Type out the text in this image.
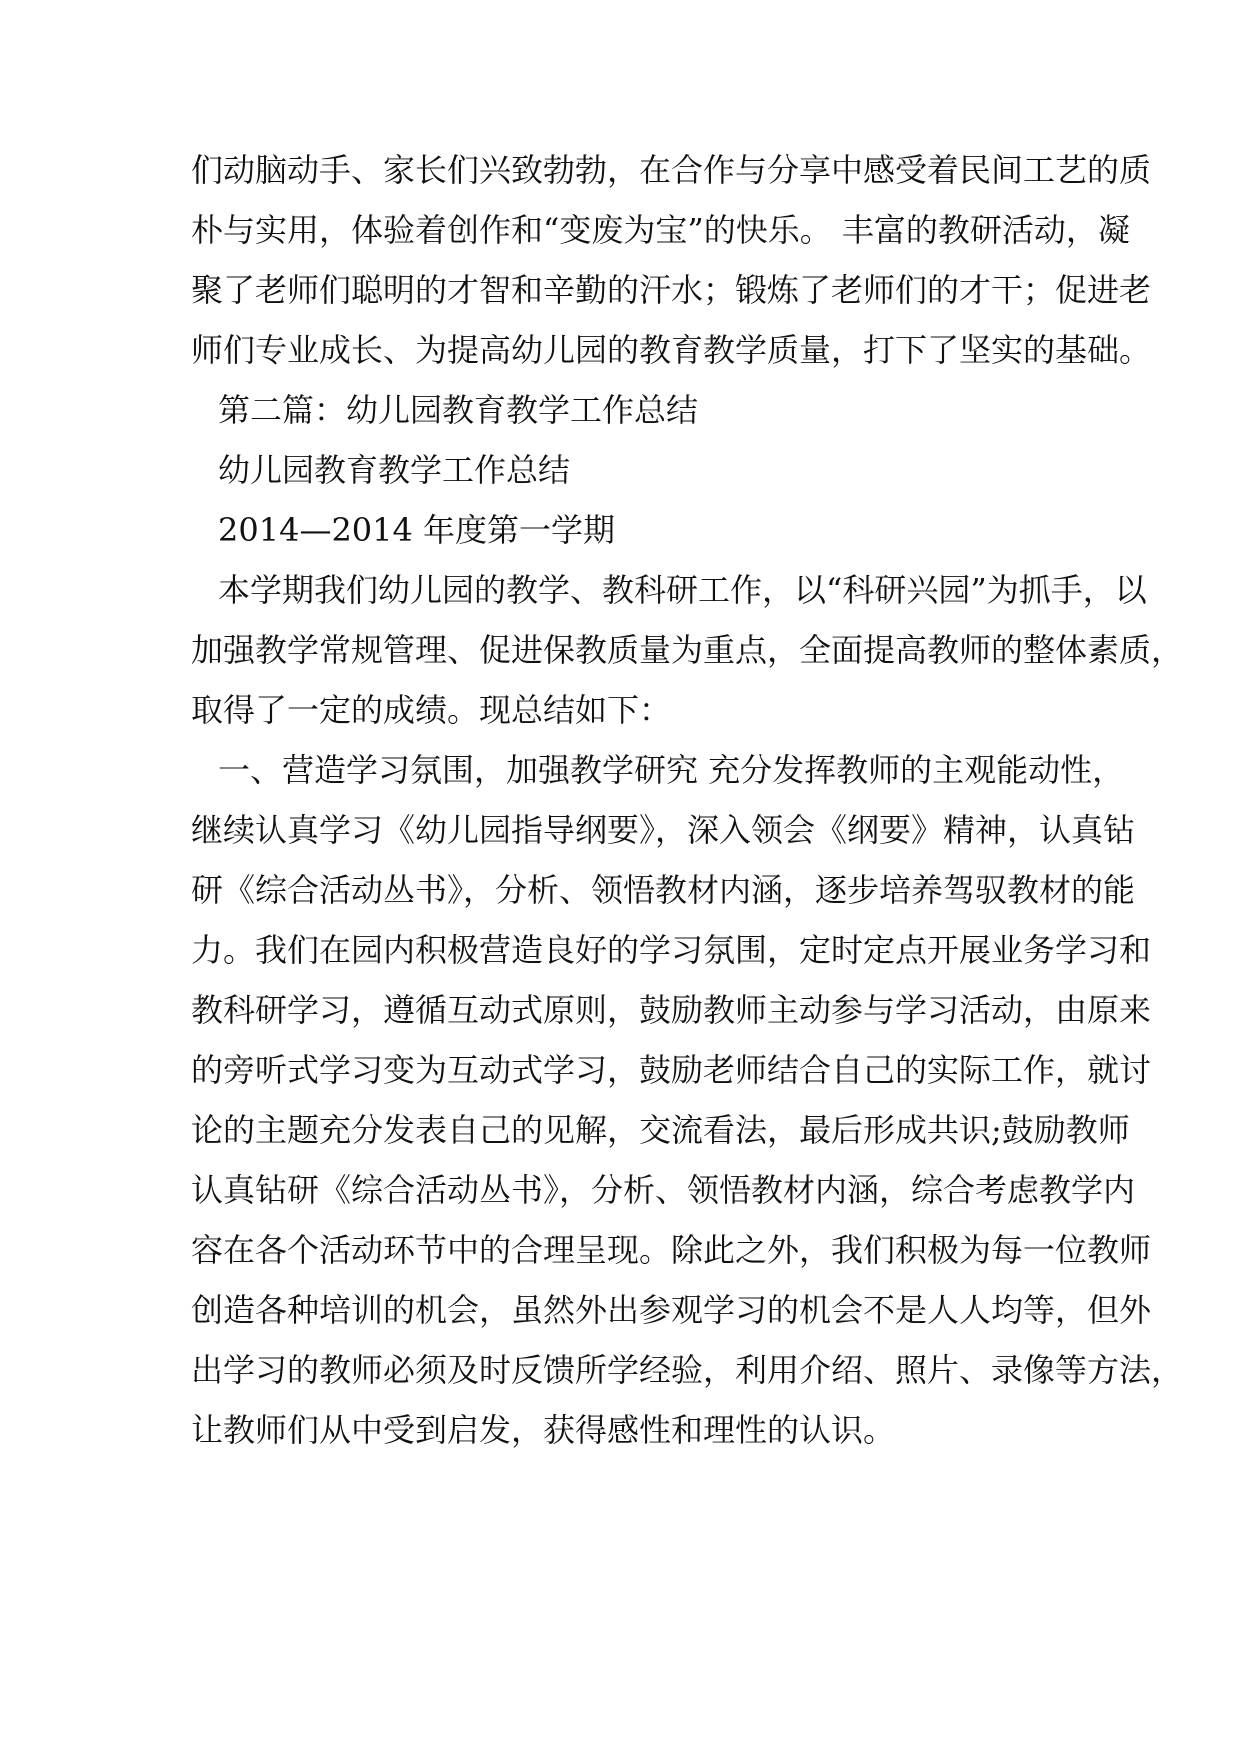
们动脑动手、家长们兴致勃勃，在合作与分享中感受着民间工艺的质
朴与实用，体验着创作和“变废为宝”的快乐。 丰富的教研活动，凝
聚了老师们聪明的才智和辛勤的汗水；锻炼了老师们的才干；促进老
师们专业成长、为提高幼儿园的教育教学质量，打下了坚实的基础。
第二篇：幼儿园教育教学工作总结
幼儿园教育教学工作总结
2014—2014 年度第一学期
本学期我们幼儿园的教学、教科研工作，以“科研兴园”为抓手，以
加强教学常规管理、促进保教质量为重点，全面提高教师的整体素质，
取得了一定的成绩。现总结如下：
一、营造学习氛围，加强教学研究 充分发挥教师的主观能动性，
继续认真学习《幼儿园指导纲要》，深入领会《纲要》精神，认真钻
研《综合活动丛书》，分析、领悟教材内涵，逐步培养驾驭教材的能
力。我们在园内积极营造良好的学习氛围，定时定点开展业务学习和
教科研学习，遵循互动式原则，鼓励教师主动参与学习活动，由原来
的旁听式学习变为互动式学习，鼓励老师结合自己的实际工作，就讨
论的主题充分发表自己的见解，交流看法，最后形成共识;鼓励教师
认真钻研《综合活动丛书》，分析、领悟教材内涵，综合考虑教学内
容在各个活动环节中的合理呈现。除此之外，我们积极为每一位教师
创造各种培训的机会，虽然外出参观学习的机会不是人人均等，但外
出学习的教师必须及时反馈所学经验，利用介绍、照片、录像等方法，
让教师们从中受到启发，获得感性和理性的认识。
